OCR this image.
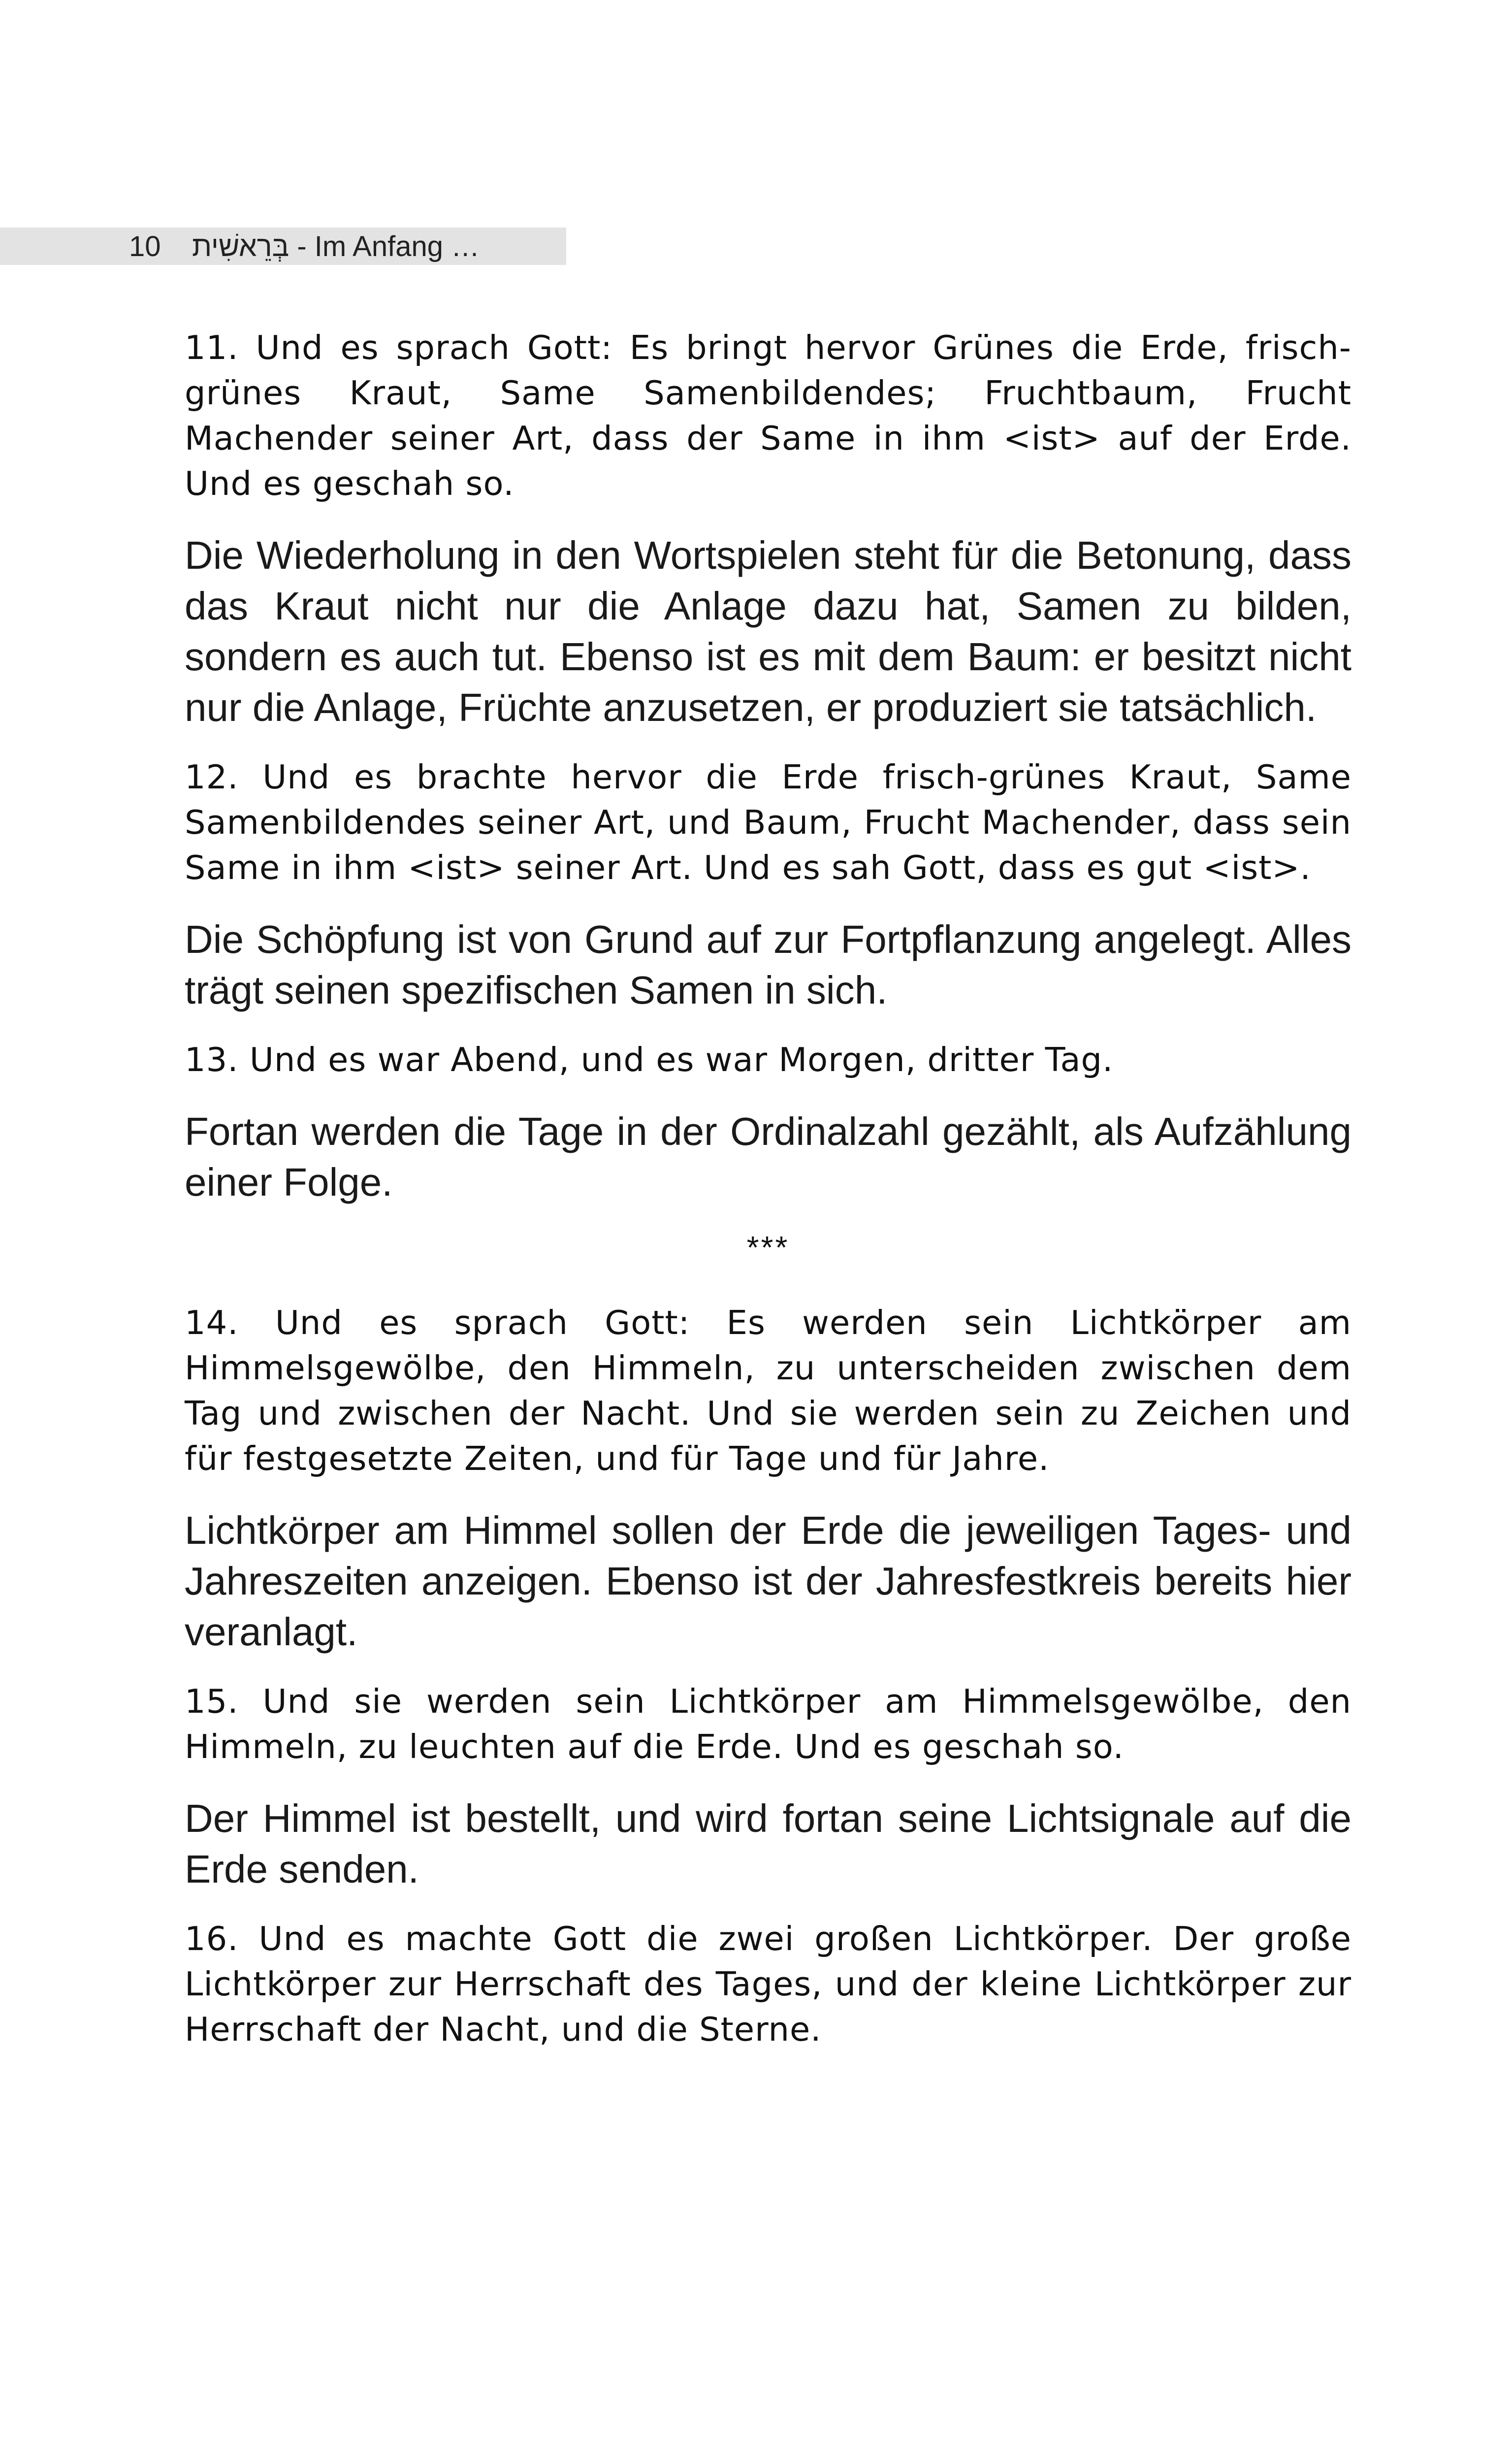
10 בְּרֵאשִׁית - Im Anfang …

11. Und es sprach Gott: Es bringt hervor Grünes die Erde, frisch-grünes Kraut, Same Samenbildendes; Fruchtbaum, Frucht Machender seiner Art, dass der Same in ihm <ist> auf der Erde. Und es geschah so.

Die Wiederholung in den Wortspielen steht für die Betonung, dass das Kraut nicht nur die Anlage dazu hat, Samen zu bilden, sondern es auch tut. Ebenso ist es mit dem Baum: er besitzt nicht nur die Anlage, Früchte anzusetzen, er produziert sie tatsächlich.

12. Und es brachte hervor die Erde frisch-grünes Kraut, Same Samenbildendes seiner Art, und Baum, Frucht Machender, dass sein Same in ihm <ist> seiner Art. Und es sah Gott, dass es gut <ist>.

Die Schöpfung ist von Grund auf zur Fortpflanzung angelegt. Alles trägt seinen spezifischen Samen in sich.

13. Und es war Abend, und es war Morgen, dritter Tag.

Fortan werden die Tage in der Ordinalzahl gezählt, als Aufzählung einer Folge.

***

14. Und es sprach Gott: Es werden sein Lichtkörper am Himmelsgewölbe, den Himmeln, zu unterscheiden zwischen dem Tag und zwischen der Nacht. Und sie werden sein zu Zeichen und für festgesetzte Zeiten, und für Tage und für Jahre.

Lichtkörper am Himmel sollen der Erde die jeweiligen Tages- und Jahreszeiten anzeigen. Ebenso ist der Jahresfestkreis bereits hier veranlagt.

15. Und sie werden sein Lichtkörper am Himmelsgewölbe, den Himmeln, zu leuchten auf die Erde. Und es geschah so.

Der Himmel ist bestellt, und wird fortan seine Lichtsignale auf die Erde senden.

16. Und es machte Gott die zwei großen Lichtkörper. Der große Lichtkörper zur Herrschaft des Tages, und der kleine Lichtkörper zur Herrschaft der Nacht, und die Sterne.
